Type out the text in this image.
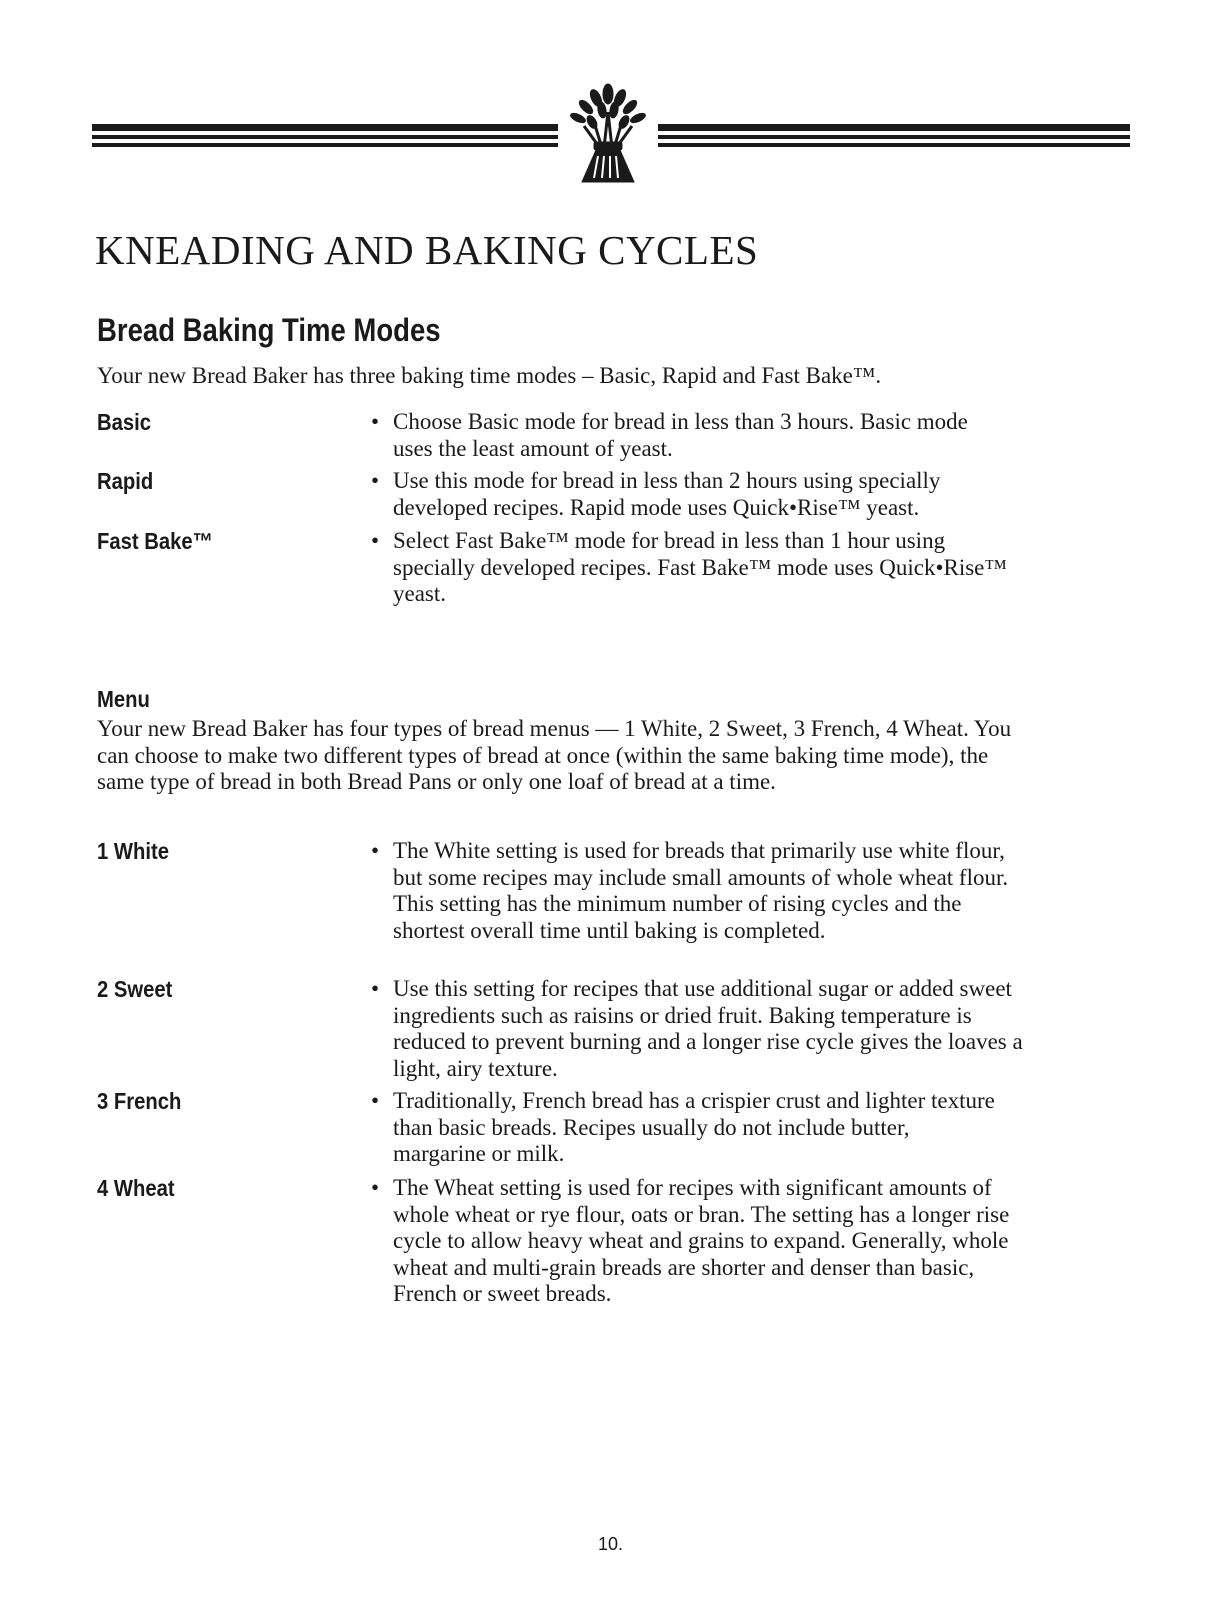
KNEADING AND BAKING CYCLES
Bread Baking Time Modes

Your new Bread Baker has three baking time modes – Basic, Rapid and Fast Bake™.

Basic	• Choose Basic mode for bread in less than 3 hours. Basic mode uses the least amount of yeast.
Rapid	• Use this mode for bread in less than 2 hours using specially developed recipes. Rapid mode uses Quick•Rise™ yeast.
Fast Bake™	• Select Fast Bake™ mode for bread in less than 1 hour using specially developed recipes. Fast Bake™ mode uses Quick•Rise™ yeast.
Menu

Your new Bread Baker has four types of bread menus — 1 White, 2 Sweet, 3 French, 4 Wheat. You can choose to make two different types of bread at once (within the same baking time mode), the same type of bread in both Bread Pans or only one loaf of bread at a time.

1 White	• The White setting is used for breads that primarily use white flour, but some recipes may include small amounts of whole wheat flour. This setting has the minimum number of rising cycles and the shortest overall time until baking is completed.
2 Sweet	• Use this setting for recipes that use additional sugar or added sweet ingredients such as raisins or dried fruit. Baking temperature is reduced to prevent burning and a longer rise cycle gives the loaves a light, airy texture.
3 French	• Traditionally, French bread has a crispier crust and lighter texture than basic breads. Recipes usually do not include butter, margarine or milk.
4 Wheat	• The Wheat setting is used for recipes with significant amounts of whole wheat or rye flour, oats or bran. The setting has a longer rise cycle to allow heavy wheat and grains to expand. Generally, whole wheat and multi-grain breads are shorter and denser than basic, French or sweet breads.
10.
